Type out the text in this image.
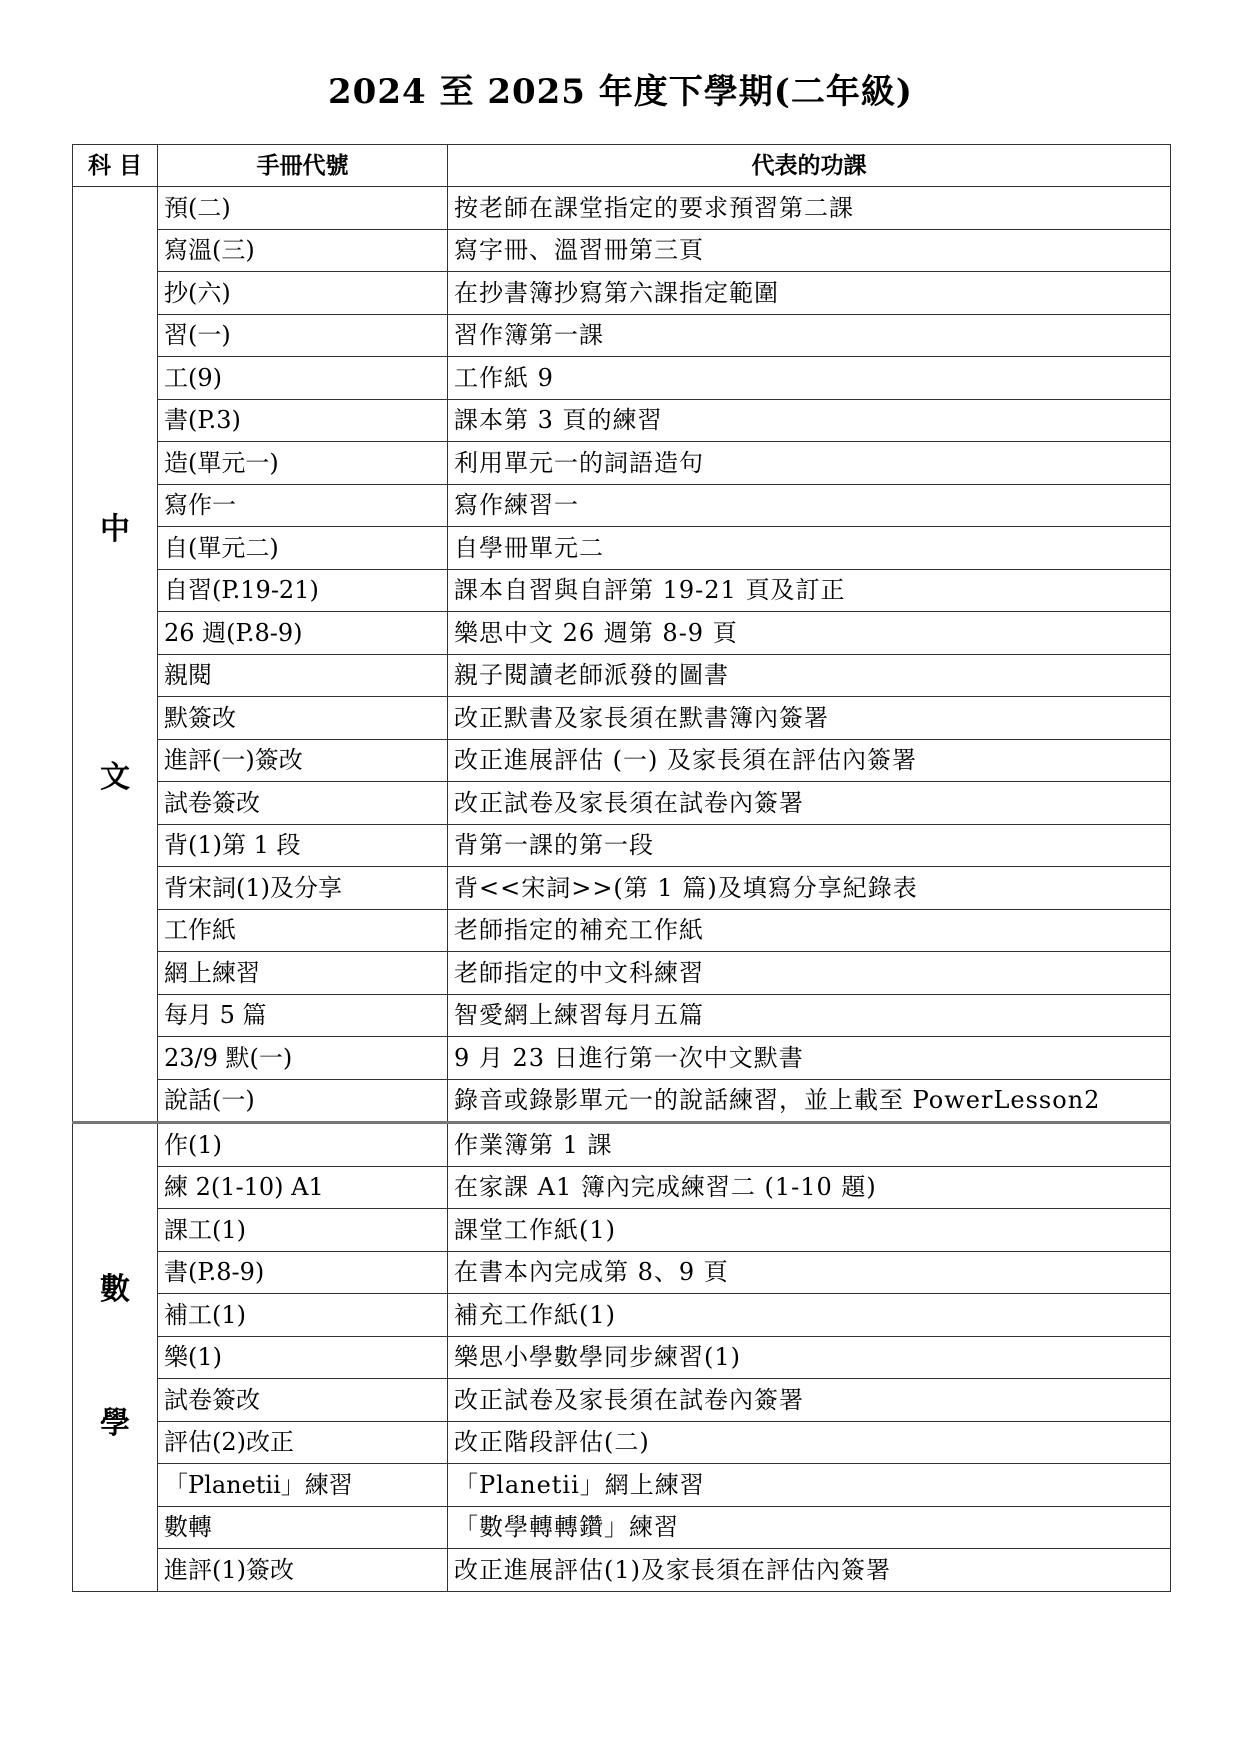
2024 至 2025 年度下學期(二年級)
科 目	手冊代號	代表的功課

中
文	預(二)	按老師在課堂指定的要求預習第二課
	寫溫(三)	寫字冊、溫習冊第三頁
	抄(六)	在抄書簿抄寫第六課指定範圍
	習(一)	習作簿第一課
	工(9)	工作紙 9
	書(P.3)	課本第 3 頁的練習
	造(單元一)	利用單元一的詞語造句
	寫作一	寫作練習一
	自(單元二)	自學冊單元二
	自習(P.19-21)	課本自習與自評第 19-21 頁及訂正
	26 週(P.8-9)	樂思中文 26 週第 8-9 頁
	親閱	親子閱讀老師派發的圖書
	默簽改	改正默書及家長須在默書簿內簽署
	進評(一)簽改	改正進展評估 (一) 及家長須在評估內簽署
	試卷簽改	改正試卷及家長須在試卷內簽署
	背(1)第 1 段	背第一課的第一段
	背宋詞(1)及分享	背<<宋詞>>(第 1 篇)及填寫分享紀錄表
	工作紙	老師指定的補充工作紙
	網上練習	老師指定的中文科練習
	每月 5 篇	智愛網上練習每月五篇
	23/9 默(一)	9 月 23 日進行第一次中文默書
	說話(一)	錄音或錄影單元一的說話練習，並上載至 PowerLesson2

數
學	作(1)	作業簿第 1 課
	練 2(1-10) A1	在家課 A1 簿內完成練習二 (1-10 題)
	課工(1)	課堂工作紙(1)
	書(P.8-9)	在書本內完成第 8、9 頁
	補工(1)	補充工作紙(1)
	樂(1)	樂思小學數學同步練習(1)
	試卷簽改	改正試卷及家長須在試卷內簽署
	評估(2)改正	改正階段評估(二)
	「Planetii」練習	「Planetii」網上練習
	數轉	「數學轉轉鑽」練習
	進評(1)簽改	改正進展評估(1)及家長須在評估內簽署
